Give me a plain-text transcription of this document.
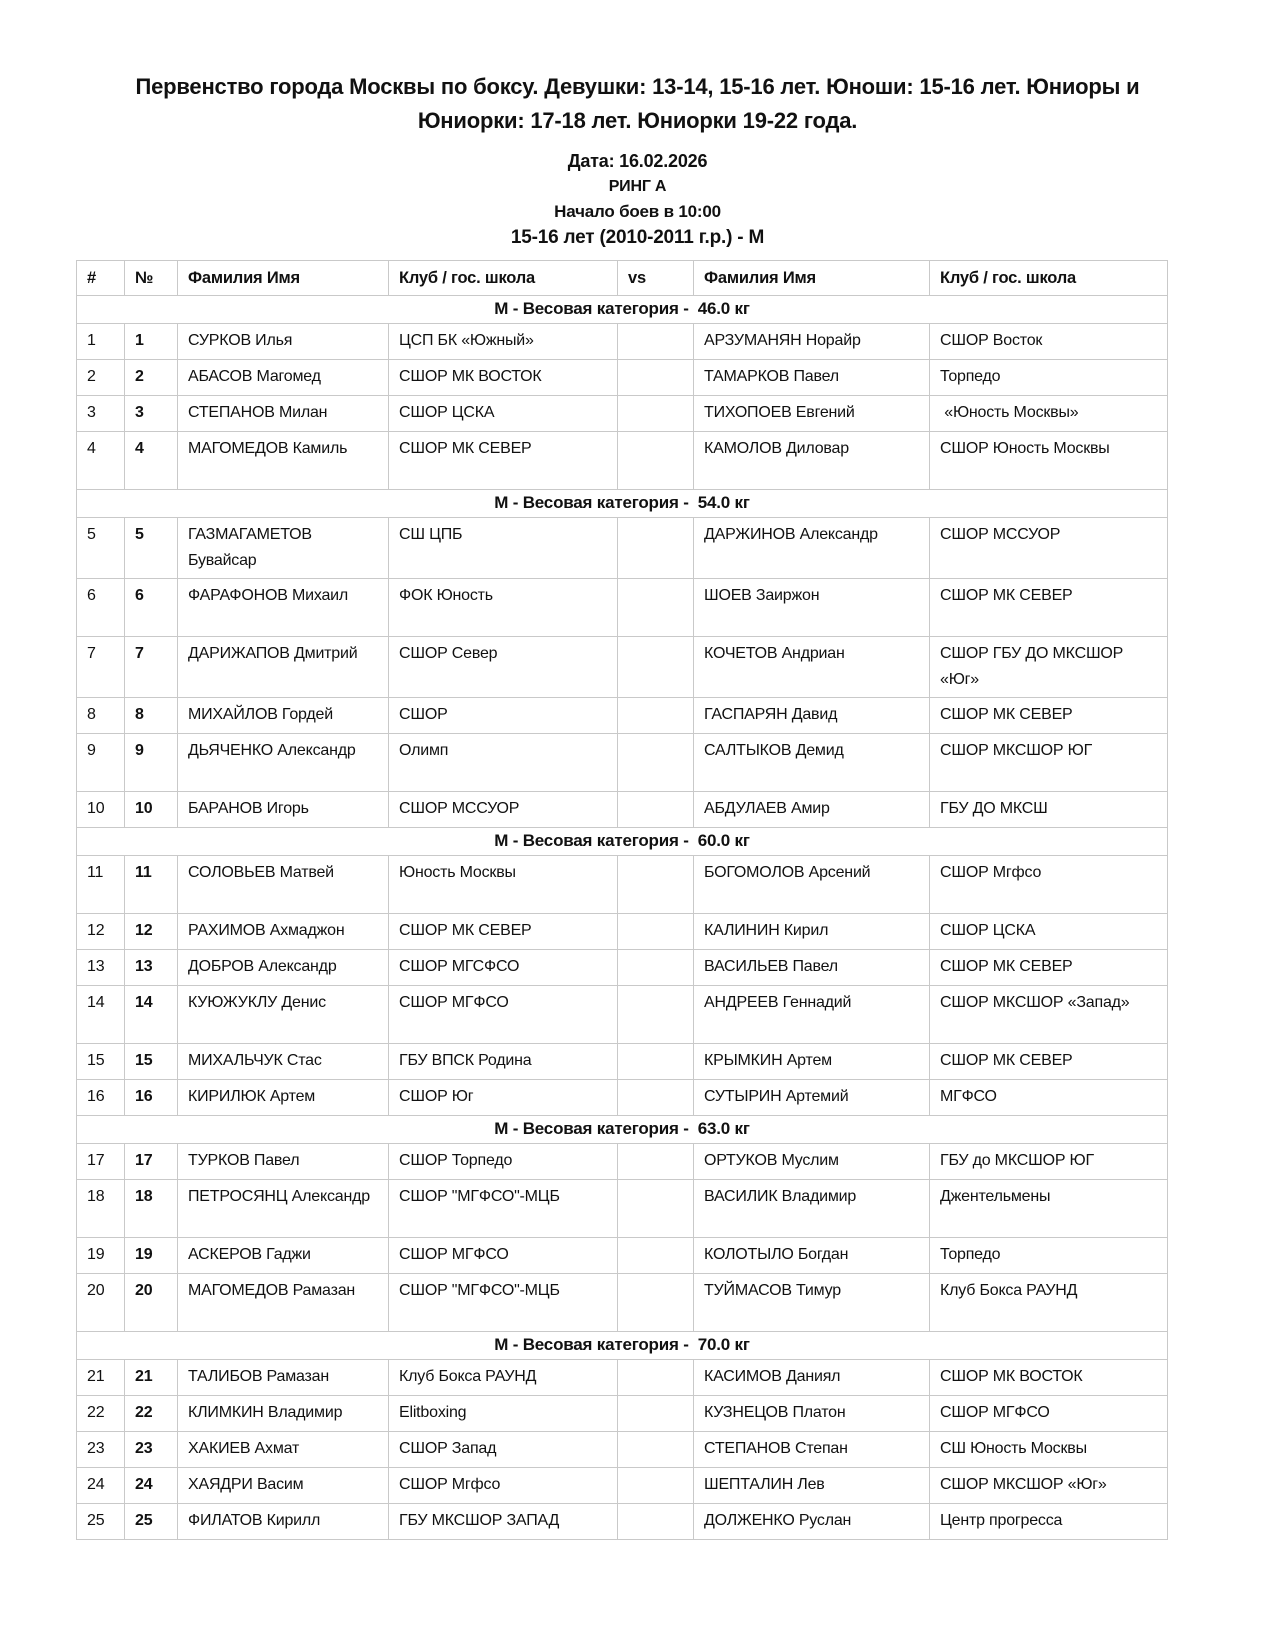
Первенство города Москвы по боксу. Девушки: 13-14, 15-16 лет. Юноши: 15-16 лет. Юниоры и Юниорки: 17-18 лет. Юниорки 19-22 года.
Дата: 16.02.2026
РИНГ А
Начало боев в 10:00
15-16 лет (2010-2011 г.р.) - М
#	№	Фамилия Имя	Клуб / гос. школа	vs	Фамилия Имя	Клуб / гос. школа
М - Весовая категория -  46.0 кг						
1	1	СУРКОВ Илья	ЦСП БК «Южный»		АРЗУМАНЯН Норайр	СШОР Восток
2	2	АБАСОВ Магомед	СШОР МК ВОСТОК		ТАМАРКОВ Павел	Торпедо
3	3	СТЕПАНОВ Милан	СШОР ЦСКА		ТИХОПОЕВ Евгений	«Юность Москвы»
4	4	МАГОМЕДОВ Камиль	СШОР МК СЕВЕР		КАМОЛОВ Диловар	СШОР Юность Москвы
М - Весовая категория -  54.0 кг						
5	5	ГАЗМАГАМЕТОВ Бувайсар	СШ ЦПБ		ДАРЖИНОВ Александр	СШОР МССУОР
6	6	ФАРАФОНОВ Михаил	ФОК Юность		ШОЕВ Заиржон	СШОР МК СЕВЕР
7	7	ДАРИЖАПОВ Дмитрий	СШОР Север		КОЧЕТОВ Андриан	СШОР ГБУ ДО МКСШОР «Юг»
8	8	МИХАЙЛОВ Гордей	СШОР		ГАСПАРЯН Давид	СШОР МК СЕВЕР
9	9	ДЬЯЧЕНКО Александр	Олимп		САЛТЫКОВ Демид	СШОР МКСШОР ЮГ
10	10	БАРАНОВ Игорь	СШОР МССУОР		АБДУЛАЕВ Амир	ГБУ ДО МКСШ
М - Весовая категория -  60.0 кг						
11	11	СОЛОВЬЕВ Матвей	Юность Москвы		БОГОМОЛОВ Арсений	СШОР Мгфсо
12	12	РАХИМОВ Ахмаджон	СШОР МК СЕВЕР		КАЛИНИН Кирил	СШОР ЦСКА
13	13	ДОБРОВ Александр	СШОР МГСФСО		ВАСИЛЬЕВ Павел	СШОР МК СЕВЕР
14	14	КУЮЖУКЛУ Денис	СШОР МГФСО		АНДРЕЕВ Геннадий	СШОР МКСШОР «Запад»
15	15	МИХАЛЬЧУК Стас	ГБУ ВПСК Родина		КРЫМКИН Артем	СШОР МК СЕВЕР
16	16	КИРИЛЮК Артем	СШОР Юг		СУТЫРИН Артемий	МГФСО
М - Весовая категория -  63.0 кг						
17	17	ТУРКОВ Павел	СШОР Торпедо		ОРТУКОВ Муслим	ГБУ до МКСШОР ЮГ
18	18	ПЕТРОСЯНЦ Александр	СШОР "МГФСО"-МЦБ		ВАСИЛИК Владимир	Джентельмены
19	19	АСКЕРОВ Гаджи	СШОР МГФСО		КОЛОТЫЛО Богдан	Торпедо
20	20	МАГОМЕДОВ Рамазан	СШОР "МГФСО"-МЦБ		ТУЙМАСОВ Тимур	Клуб Бокса РАУНД
М - Весовая категория -  70.0 кг						
21	21	ТАЛИБОВ Рамазан	Клуб Бокса РАУНД		КАСИМОВ Даниял	СШОР МК ВОСТОК
22	22	КЛИМКИН Владимир	Elitboxing		КУЗНЕЦОВ Платон	СШОР МГФСО
23	23	ХАКИЕВ Ахмат	СШОР Запад		СТЕПАНОВ Степан	СШ Юность Москвы
24	24	ХАЯДРИ Васим	СШОР Мгфсо		ШЕПТАЛИН Лев	СШОР МКСШОР «Юг»
25	25	ФИЛАТОВ Кирилл	ГБУ МКСШОР ЗАПАД		ДОЛЖЕНКО Руслан	Центр прогресса
